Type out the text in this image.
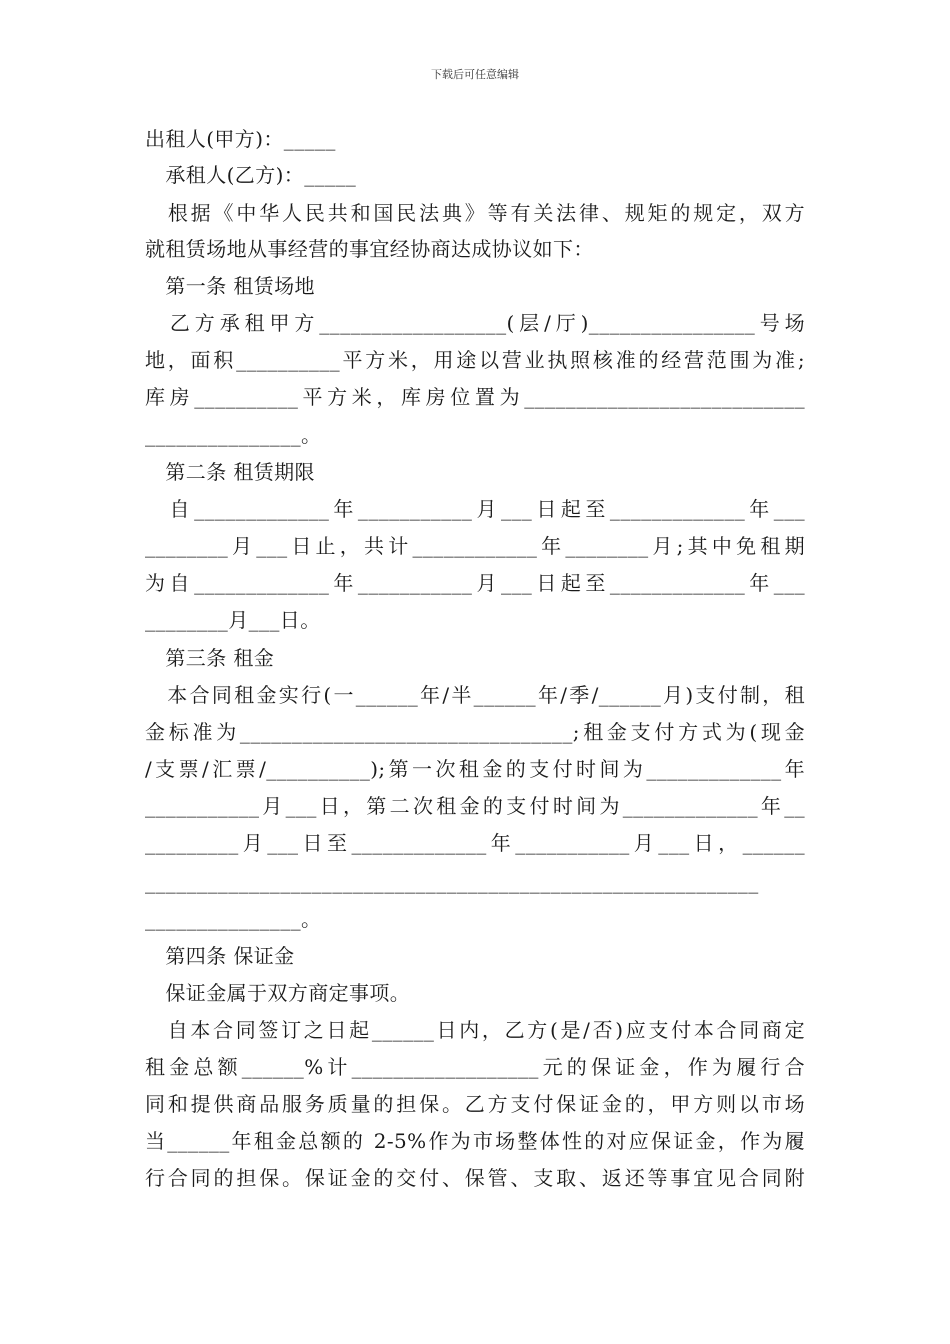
下载后可任意编辑
出租人(甲方)：_____
　承租人(乙方)：_____
　根据《中华人民共和国民法典》等有关法律、规矩的规定，双方
就租赁场地从事经营的事宜经协商达成协议如下：
　第一条 租赁场地
　乙方承租甲方__________________(层/厅)________________号场
地，面积__________平方米，用途以营业执照核准的经营范围为准;
库房__________平方米，库房位置为___________________________
_______________。
　第二条 租赁期限
　自_____________年___________月___日起至_____________年___
________月___日止，共计____________年________月;其中免租期
为自_____________年___________月___日起至_____________年___
________月___日。
　第三条 租金
　本合同租金实行(一______年/半______年/季/______月)支付制，租
金标准为________________________________;租金支付方式为(现金
/支票/汇票/__________);第一次租金的支付时间为_____________年
___________月___日，第二次租金的支付时间为_____________年__
_________月___日至_____________年___________月___日，______
___________________________________________________________
_______________。
　第四条 保证金
　保证金属于双方商定事项。
　自本合同签订之日起______日内，乙方(是/否)应支付本合同商定
租金总额______%计__________________元的保证金，作为履行合
同和提供商品服务质量的担保。乙方支付保证金的，甲方则以市场
当______年租金总额的 2-5%作为市场整体性的对应保证金，作为履
行合同的担保。保证金的交付、保管、支取、返还等事宜见合同附
